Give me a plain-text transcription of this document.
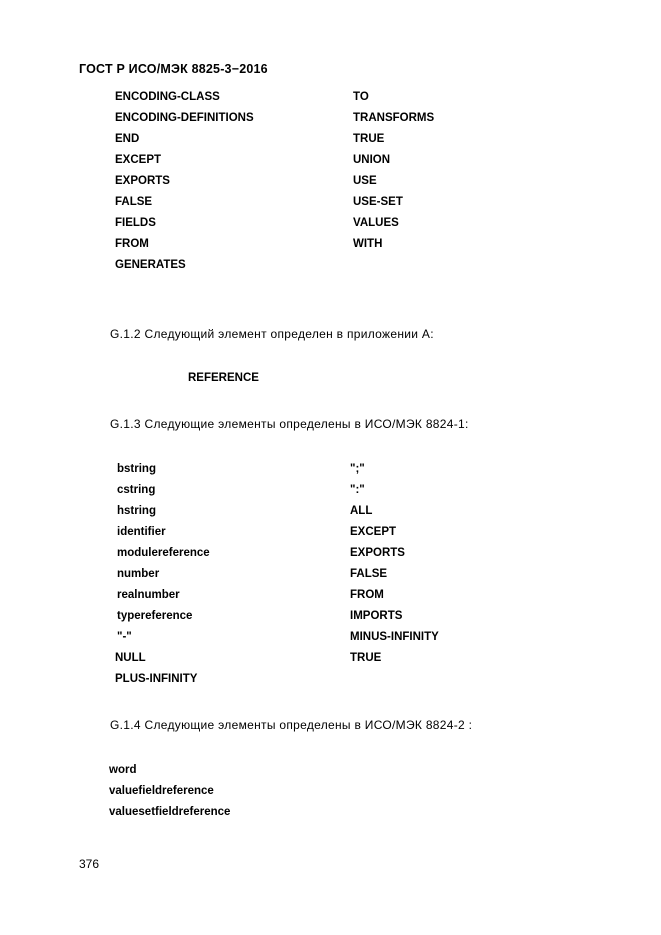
ГОСТ Р ИСО/МЭК 8825-3−2016
ENCODING-CLASS
ENCODING-DEFINITIONS
END
EXCEPT
EXPORTS
FALSE
FIELDS
FROM
GENERATES
TO
TRANSFORMS
TRUE
UNION
USE
USE-SET
VALUES
WITH
G.1.2 Следующий элемент определен в приложении А:
REFERENCE
G.1.3 Следующие элементы определены в ИСО/МЭК 8824-1:
bstring
cstring
hstring
identifier
modulereference
number
realnumber
typereference
"-"
NULL
PLUS-INFINITY
";"
":"
ALL
EXCEPT
EXPORTS
FALSE
FROM
IMPORTS
MINUS-INFINITY
TRUE
G.1.4 Следующие элементы определены в ИСО/МЭК 8824-2 :
word
valuefieldreference
valuesetfieldreference
376
